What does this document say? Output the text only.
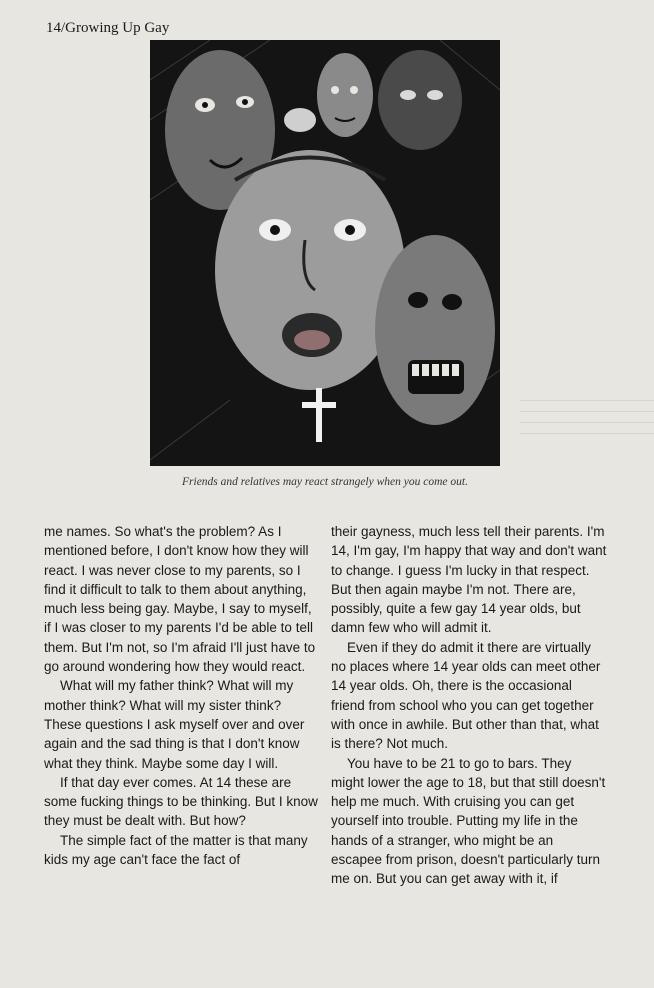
14/Growing Up Gay
Friends and relatives may react strangely when you come out.

me names. So what's the problem? As I mentioned before, I don't know how they will react. I was never close to my parents, so I find it difficult to talk to them about anything, much less being gay. Maybe, I say to myself, if I was closer to my parents I'd be able to tell them. But I'm not, so I'm afraid I'll just have to go around wondering how they would react.

What will my father think? What will my mother think? What will my sister think? These questions I ask myself over and over again and the sad thing is that I don't know what they think. Maybe some day I will.

If that day ever comes. At 14 these are some fucking things to be thinking. But I know they must be dealt with. But how?

The simple fact of the matter is that many kids my age can't face the fact of

their gayness, much less tell their parents. I'm 14, I'm gay, I'm happy that way and don't want to change. I guess I'm lucky in that respect. But then again maybe I'm not. There are, possibly, quite a few gay 14 year olds, but damn few who will admit it.

Even if they do admit it there are virtually no places where 14 year olds can meet other 14 year olds. Oh, there is the occasional friend from school who you can get together with once in awhile. But other than that, what is there? Not much.

You have to be 21 to go to bars. They might lower the age to 18, but that still doesn't help me much. With cruising you can get yourself into trouble. Putting my life in the hands of a stranger, who might be an escapee from prison, doesn't particularly turn me on. But you can get away with it, if
